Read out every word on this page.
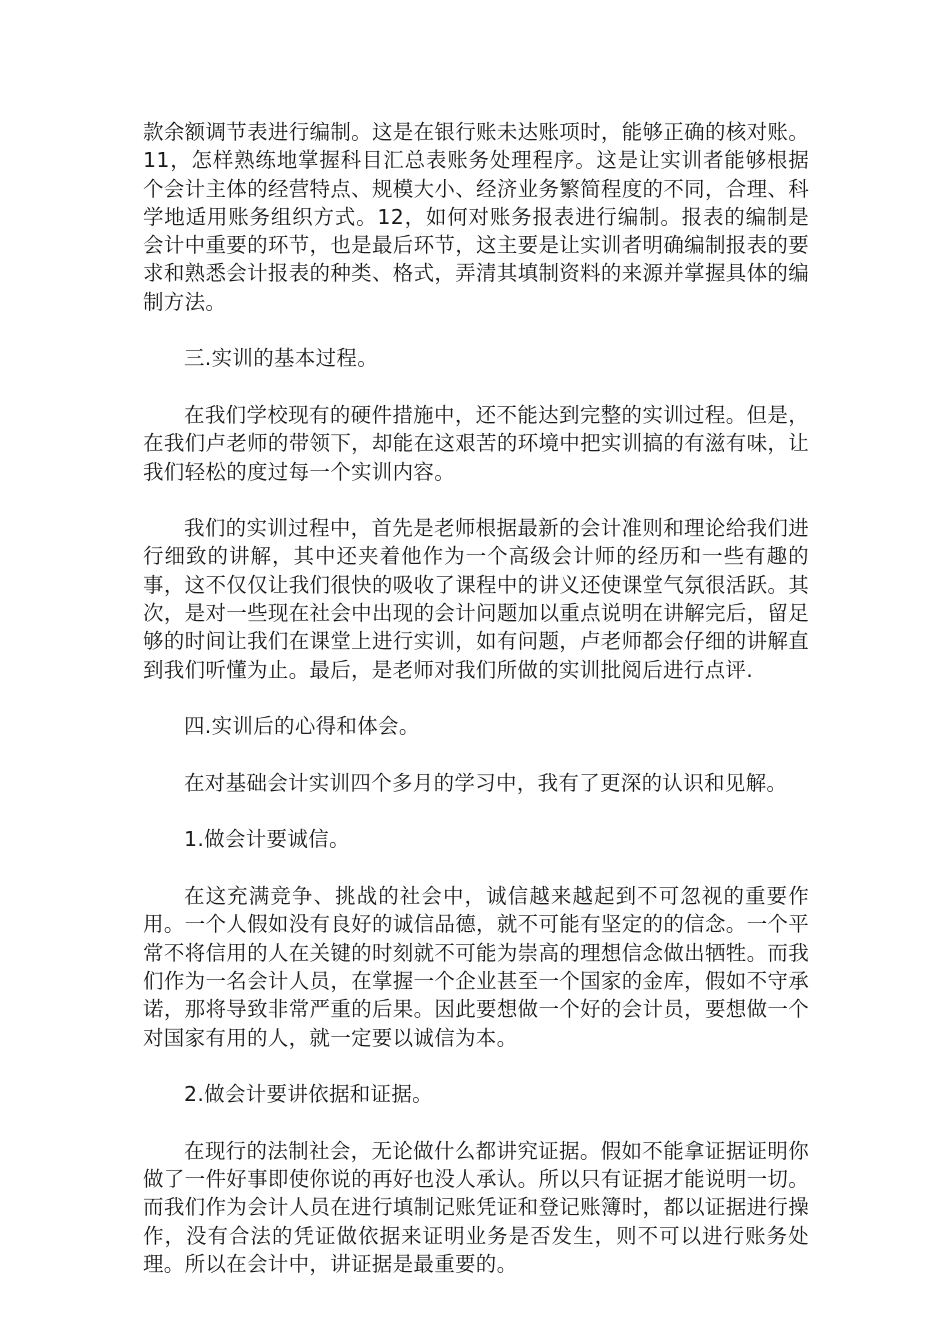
款余额调节表进行编制。这是在银行账未达账项时，能够正确的核对账。11，怎样熟练地掌握科目汇总表账务处理程序。这是让实训者能够根据个会计主体的经营特点、规模大小、经济业务繁简程度的不同，合理、科学地适用账务组织方式。12，如何对账务报表进行编制。报表的编制是会计中重要的环节，也是最后环节，这主要是让实训者明确编制报表的要求和熟悉会计报表的种类、格式，弄清其填制资料的来源并掌握具体的编制方法。

三.实训的基本过程。

在我们学校现有的硬件措施中，还不能达到完整的实训过程。但是，在我们卢老师的带领下，却能在这艰苦的环境中把实训搞的有滋有味，让我们轻松的度过每一个实训内容。

我们的实训过程中，首先是老师根据最新的会计准则和理论给我们进行细致的讲解，其中还夹着他作为一个高级会计师的经历和一些有趣的事，这不仅仅让我们很快的吸收了课程中的讲义还使课堂气氛很活跃。其次，是对一些现在社会中出现的会计问题加以重点说明在讲解完后，留足够的时间让我们在课堂上进行实训，如有问题，卢老师都会仔细的讲解直到我们听懂为止。最后，是老师对我们所做的实训批阅后进行点评.

四.实训后的心得和体会。

在对基础会计实训四个多月的学习中，我有了更深的认识和见解。

1.做会计要诚信。

在这充满竞争、挑战的社会中，诚信越来越起到不可忽视的重要作用。一个人假如没有良好的诚信品德，就不可能有坚定的的信念。一个平常不将信用的人在关键的时刻就不可能为崇高的理想信念做出牺牲。而我们作为一名会计人员，在掌握一个企业甚至一个国家的金库，假如不守承诺，那将导致非常严重的后果。因此要想做一个好的会计员，要想做一个对国家有用的人，就一定要以诚信为本。

2.做会计要讲依据和证据。

在现行的法制社会，无论做什么都讲究证据。假如不能拿证据证明你做了一件好事即使你说的再好也没人承认。所以只有证据才能说明一切。而我们作为会计人员在进行填制记账凭证和登记账簿时，都以证据进行操作，没有合法的凭证做依据来证明业务是否发生，则不可以进行账务处理。所以在会计中，讲证据是最重要的。
